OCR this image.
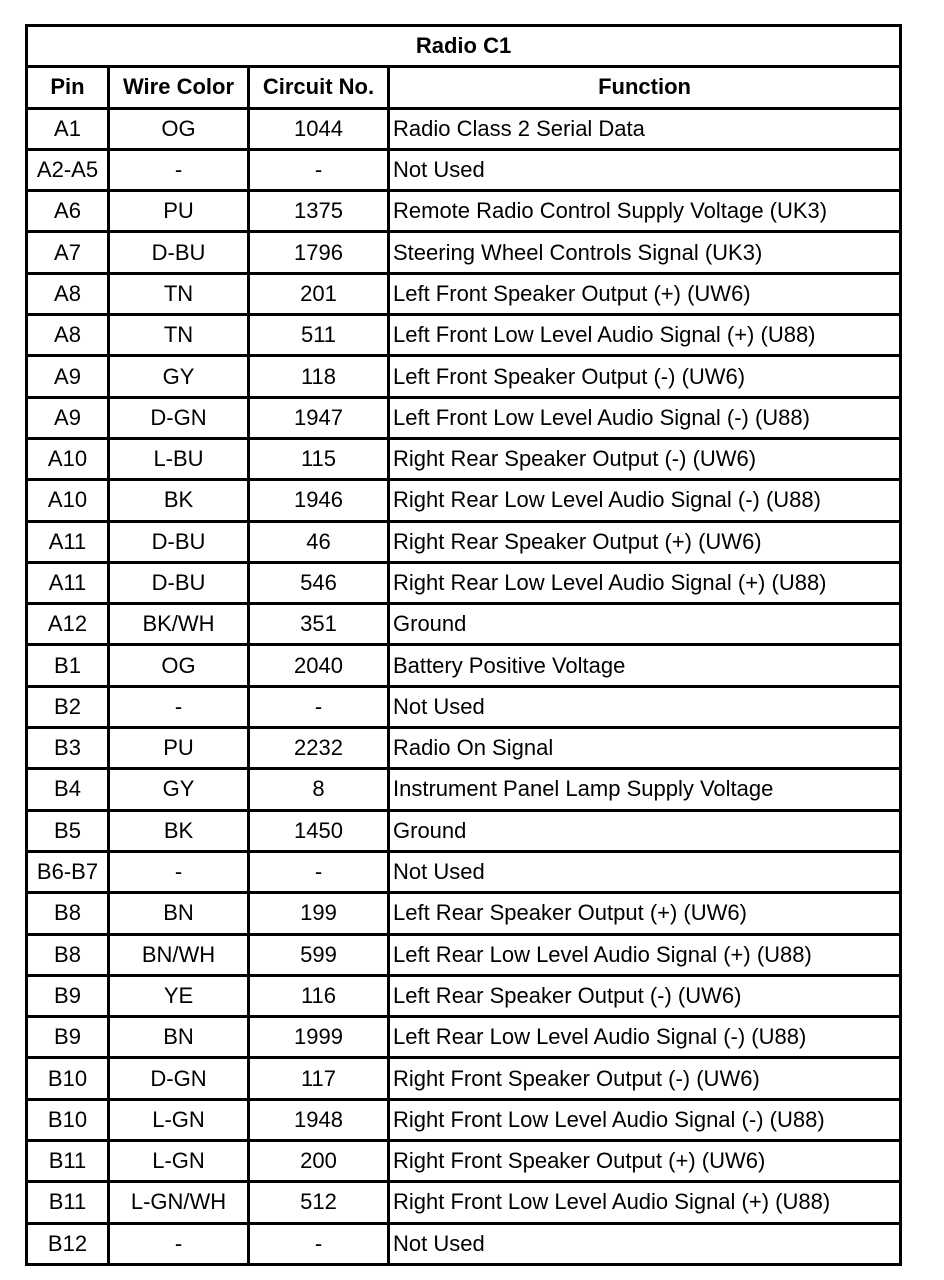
Radio C1			
Pin	Wire Color	Circuit No.	Function
A1	OG	1044	Radio Class 2 Serial Data
A2-A5	-	-	Not Used
A6	PU	1375	Remote Radio Control Supply Voltage (UK3)
A7	D-BU	1796	Steering Wheel Controls Signal (UK3)
A8	TN	201	Left Front Speaker Output (+) (UW6)
A8	TN	511	Left Front Low Level Audio Signal (+) (U88)
A9	GY	118	Left Front Speaker Output (-) (UW6)
A9	D-GN	1947	Left Front Low Level Audio Signal (-) (U88)
A10	L-BU	115	Right Rear Speaker Output (-) (UW6)
A10	BK	1946	Right Rear Low Level Audio Signal (-) (U88)
A11	D-BU	46	Right Rear Speaker Output (+) (UW6)
A11	D-BU	546	Right Rear Low Level Audio Signal (+) (U88)
A12	BK/WH	351	Ground
B1	OG	2040	Battery Positive Voltage
B2	-	-	Not Used
B3	PU	2232	Radio On Signal
B4	GY	8	Instrument Panel Lamp Supply Voltage
B5	BK	1450	Ground
B6-B7	-	-	Not Used
B8	BN	199	Left Rear Speaker Output (+) (UW6)
B8	BN/WH	599	Left Rear Low Level Audio Signal (+) (U88)
B9	YE	116	Left Rear Speaker Output (-) (UW6)
B9	BN	1999	Left Rear Low Level Audio Signal (-) (U88)
B10	D-GN	117	Right Front Speaker Output (-) (UW6)
B10	L-GN	1948	Right Front Low Level Audio Signal (-) (U88)
B11	L-GN	200	Right Front Speaker Output (+) (UW6)
B11	L-GN/WH	512	Right Front Low Level Audio Signal (+) (U88)
B12	-	-	Not Used
